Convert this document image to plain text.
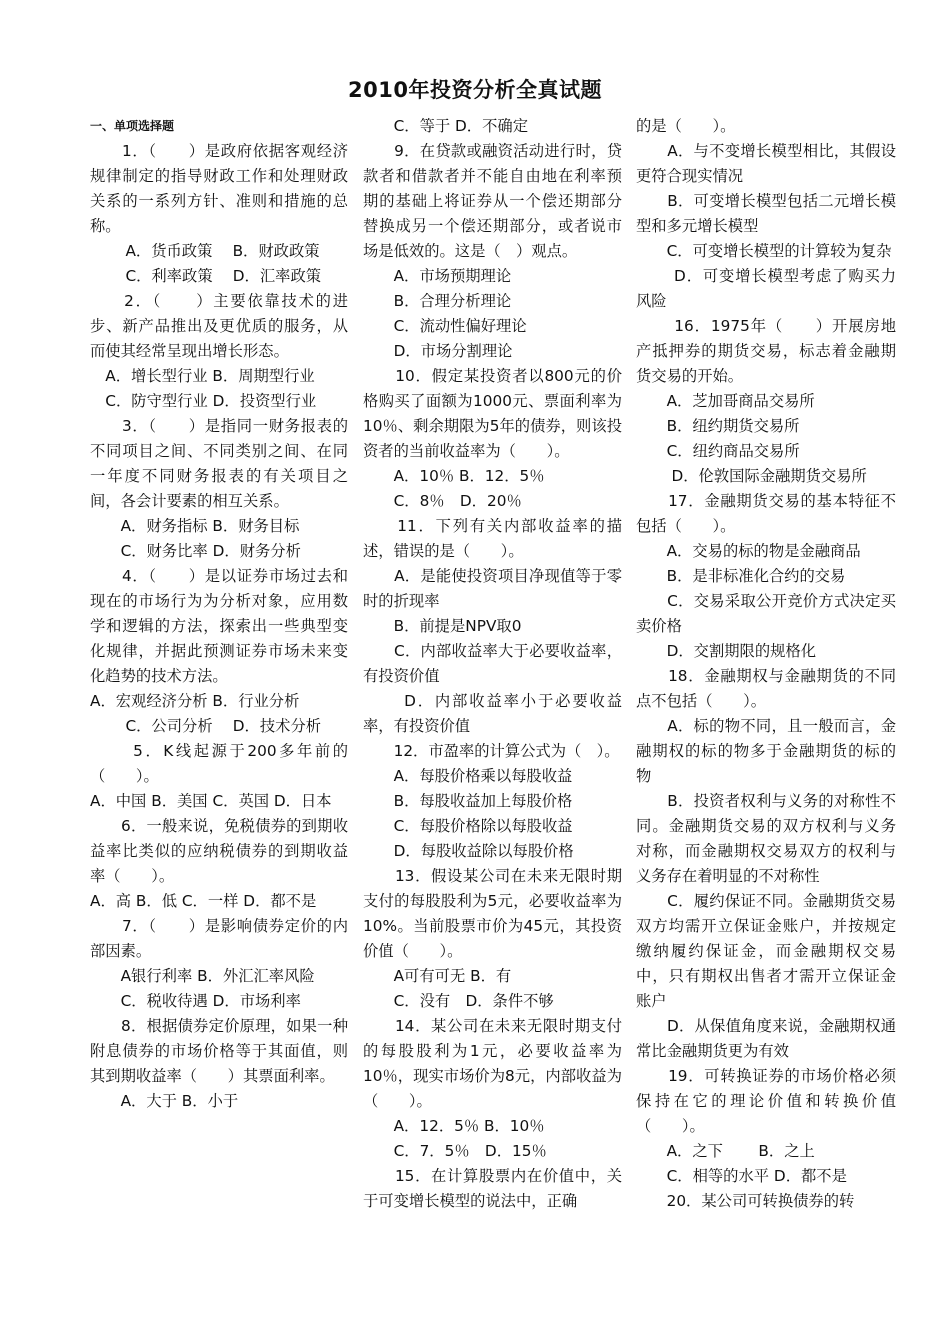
2010年投资分析全真试题

一、单项选择题

　　1．（　　）是政府依据客观经济规律制定的指导财政工作和处理财政关系的一系列方针、准则和措施的总称。

　　 A．货币政策　 B．财政政策

　　 C．利率政策　 D．汇率政策

　　2．（　　）主要依靠技术的进步、新产品推出及更优质的服务，从而使其经常呈现出增长形态。

　A．增长型行业 B．周期型行业

　C．防守型行业 D．投资型行业

　　3．（　　）是指同一财务报表的不同项目之间、不同类别之间、在同一年度不同财务报表的有关项目之间，各会计要素的相互关系。

　　A．财务指标 B．财务目标

　　C．财务比率 D．财务分析

　　4．（　　）是以证券市场过去和现在的市场行为为分析对象，应用数学和逻辑的方法，探索出一些典型变化规律，并据此预测证券市场未来变化趋势的技术方法。

A．宏观经济分析 B．行业分析

　　 C．公司分析　 D．技术分析

　　 5．K线起源于200多年前的（　　）。

A．中国 B．美国 C．英国 D．日本

　　6．一般来说，免税债券的到期收益率比类似的应纳税债券的到期收益率（　　）。

A．高 B．低 C．一样 D．都不是

　　7．（　　）是影响债券定价的内部因素。

　　A银行利率 B．外汇汇率风险

　　C．税收待遇 D．市场利率

　　8．根据债券定价原理，如果一种附息债券的市场价格等于其面值，则其到期收益率（　　）其票面利率。

　　A．大于 B．小于

　　C．等于 D．不确定

　　9．在贷款或融资活动进行时，贷款者和借款者并不能自由地在利率预期的基础上将证券从一个偿还期部分替换成另一个偿还期部分，或者说市场是低效的。这是（　）观点。

　　A．市场预期理论

　　B．合理分析理论

　　C．流动性偏好理论

　　D．市场分割理论

　　10．假定某投资者以800元的价格购买了面额为1000元、票面利率为10％、剩余期限为5年的债券，则该投资者的当前收益率为（　　）。

　　A．10％ B．12．5％

　　C．8％　D．20％

　　11．下列有关内部收益率的描述，错误的是（　　）。

　　A．是能使投资项目净现值等于零时的折现率

　　B．前提是NPV取0

　　C．内部收益率大于必要收益率，有投资价值

　　 D．内部收益率小于必要收益率，有投资价值

　　12．市盈率的计算公式为（　）。

　　A．每股价格乘以每股收益

　　B．每股收益加上每股价格

　　C．每股价格除以每股收益

　　D．每股收益除以每股价格

　　13．假设某公司在未来无限时期支付的每股股利为5元，必要收益率为10%。当前股票市价为45元，其投资价值（　　）。

　　A可有可无 B．有

　　C．没有　D．条件不够

　　14．某公司在未来无限时期支付的每股股利为1元，必要收益率为10％，现实市场价为8元，内部收益为（　　）。

　　A．12．5％ B．10％

　　C．7．5％　D．15％

　　15．在计算股票内在价值中，关于可变增长模型的说法中，正确

的是（　　）。

　　A．与不变增长模型相比，其假设更符合现实情况

　　B．可变增长模型包括二元增长模型和多元增长模型

　　C．可变增长模型的计算较为复杂

　　 D．可变增长模型考虑了购买力风险

　　 16．1975年（　　）开展房地产抵押券的期货交易，标志着金融期货交易的开始。

　　A．芝加哥商品交易所

　　B．纽约期货交易所

　　C．纽约商品交易所

　　 D．伦敦国际金融期货交易所

　　17．金融期货交易的基本特征不包括（　　）。

　　A．交易的标的物是金融商品

　　B．是非标准化合约的交易

　　C．交易采取公开竞价方式决定买卖价格

　　D．交割期限的规格化

　　18．金融期权与金融期货的不同点不包括（　　）。

　　A．标的物不同，且一般而言，金融期权的标的物多于金融期货的标的物

　　B．投资者权利与义务的对称性不同。金融期货交易的双方权利与义务对称，而金融期权交易双方的权利与义务存在着明显的不对称性

　　C．履约保证不同。金融期货交易双方均需开立保证金账户，并按规定缴纳履约保证金，而金融期权交易中，只有期权出售者才需开立保证金账户

　　D．从保值角度来说，金融期权通常比金融期货更为有效

　　19．可转换证券的市场价格必须保持在它的理论价值和转换价值（　　）。

　　A．之下　　 B．之上

　　C．相等的水平 D．都不是

　　20．某公司可转换债券的转
